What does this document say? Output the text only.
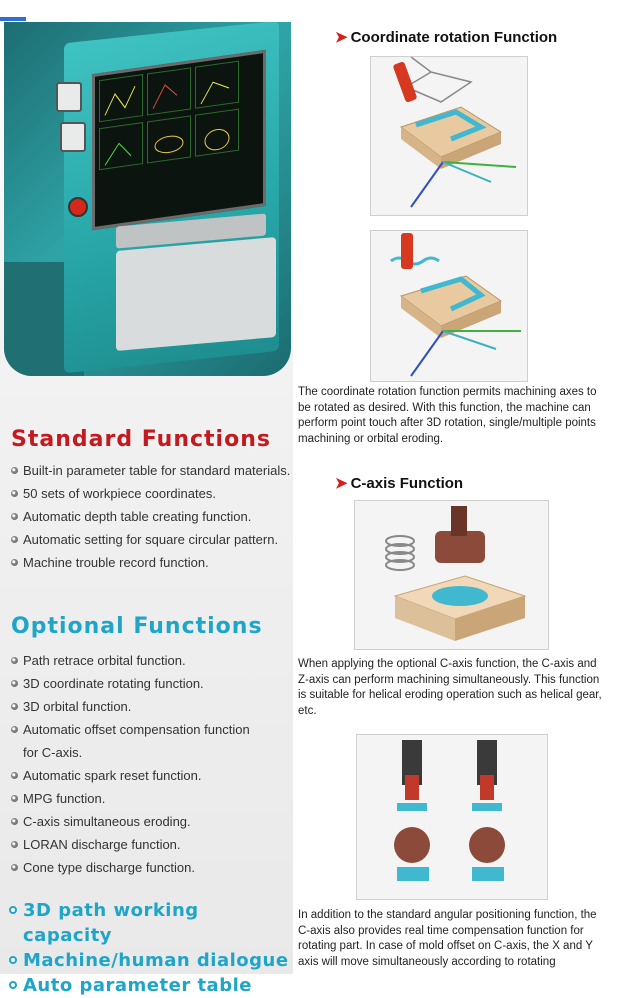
Standard Functions
Built-in parameter table for standard materials.
50 sets of workpiece coordinates.
Automatic depth table creating function.
Automatic setting for square circular pattern.
Machine trouble record function.
Optional Functions
Path retrace orbital function.
3D coordinate rotating function.
3D orbital function.
Automatic offset compensation function
for C-axis.
Automatic spark reset function.
MPG function.
C-axis simultaneous eroding.
LORAN discharge function.
Cone type discharge function.
3D path working capacity
Machine/human dialogue
Auto parameter table
➤ Coordinate rotation Function
The coordinate rotation function permits machining axes to be rotated as desired. With this function, the machine can perform point touch after 3D rotation, single/multiple points machining or orbital eroding.
➤ C-axis Function
When applying the optional C-axis function, the C-axis and Z-axis can perform machining simultaneously. This function is suitable for helical eroding operation such as helical gear, etc.
In addition to the standard angular positioning function, the C-axis also provides real time compensation function for rotating part. In case of mold offset on C-axis, the X and Y axis will move simultaneously according to rotating
